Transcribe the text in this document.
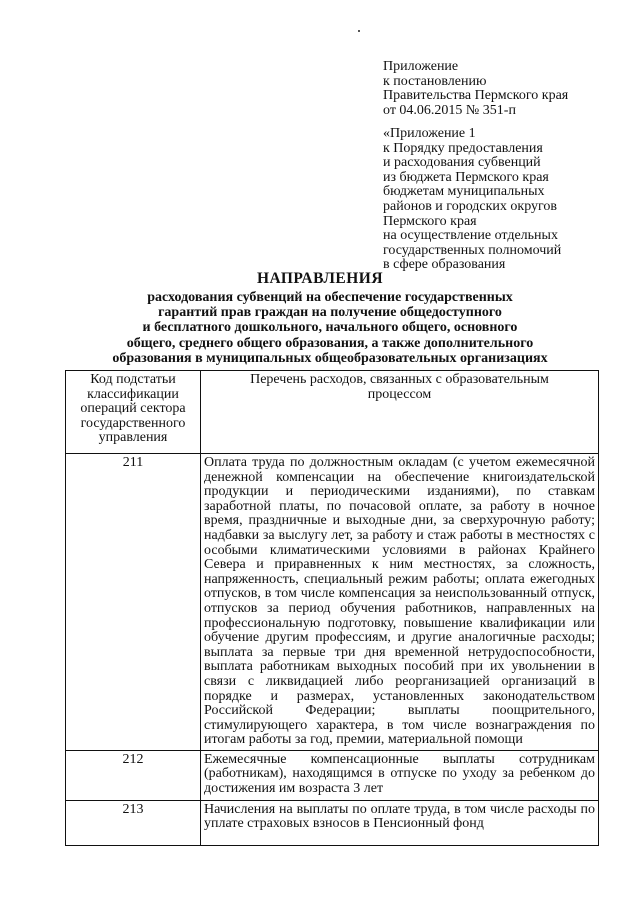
Приложение
к постановлению
Правительства Пермского края
от 04.06.2015 № 351-п
«Приложение 1
к Порядку предоставления
и расходования субвенций
из бюджета Пермского края
бюджетам муниципальных
районов и городских округов
Пермского края
на осуществление отдельных
государственных полномочий
в сфере образования
НАПРАВЛЕНИЯ
расходования субвенций на обеспечение государственных
гарантий прав граждан на получение общедоступного
и бесплатного дошкольного, начального общего, основного
общего, среднего общего образования, а также дополнительного
образования в муниципальных общеобразовательных организациях
Код подстатьи классификации операций сектора государственного управления	Перечень расходов, связанных с образовательным процессом
211	Оплата труда по должностным окладам (с учетом ежемесячной денежной компенсации на обеспечение книгоиздательской продукции и периодическими изданиями), по ставкам заработной платы, по почасовой оплате, за работу в ночное время, праздничные и выходные дни, за сверхурочную работу; надбавки за выслугу лет, за работу и стаж работы в местностях с особыми климатическими условиями в районах Крайнего Севера и приравненных к ним местностях, за сложность, напряженность, специальный режим работы; оплата ежегодных отпусков, в том числе компенсация за неиспользованный отпуск, отпусков за период обучения работников, направленных на профессиональную подготовку, повышение квалификации или обучение другим профессиям, и другие аналогичные расходы; выплата за первые три дня временной нетрудоспособности, выплата работникам выходных пособий при их увольнении в связи с ликвидацией либо реорганизацией организаций в порядке и размерах, установленных законодательством Российской Федерации; выплаты поощрительного, стимулирующего характера, в том числе вознаграждения по итогам работы за год, премии, материальной помощи
212	Ежемесячные компенсационные выплаты сотрудникам (работникам), находящимся в отпуске по уходу за ребенком до достижения им возраста 3 лет
213	Начисления на выплаты по оплате труда, в том числе расходы по уплате страховых взносов в Пенсионный фонд
